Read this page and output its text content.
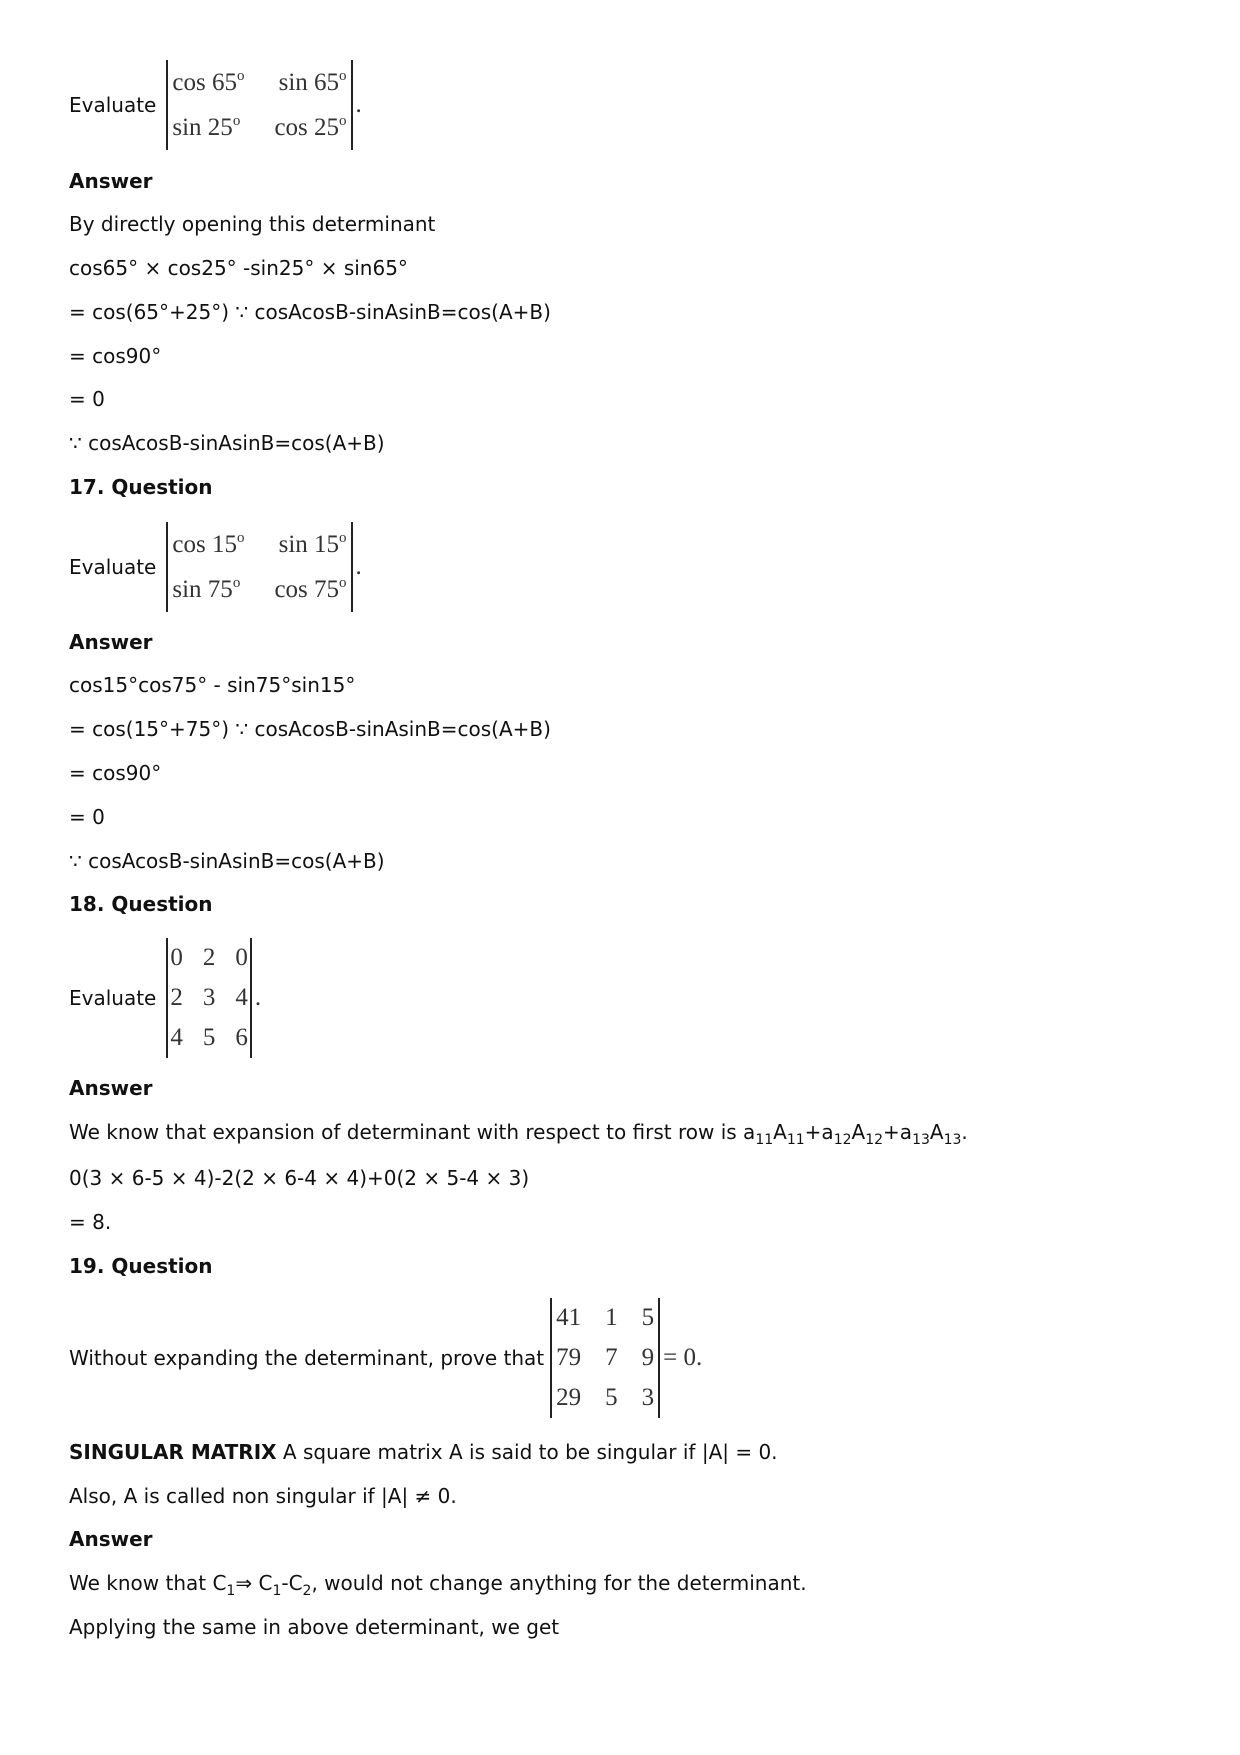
Evaluate
cos 65$^o$	sin 65$^o$
sin 25$^o$	cos 25$^o$
.
Answer
By directly opening this determinant
cos65° × cos25° -sin25° × sin65°
= cos(65°+25°) ∵ cosAcosB-sinAsinB=cos(A+B)
= cos90°
= 0
∵ cosAcosB-sinAsinB=cos(A+B)
17. Question
Evaluate
cos 15$^o$	sin 15$^o$
sin 75$^o$	cos 75$^o$
.
Answer
cos15°cos75° - sin75°sin15°
= cos(15°+75°) ∵ cosAcosB-sinAsinB=cos(A+B)
= cos90°
= 0
∵ cosAcosB-sinAsinB=cos(A+B)
18. Question
Evaluate
0	2	0
2	3	4
4	5	6
.
Answer
We know that expansion of determinant with respect to first row is $a_{11}A_{11}+a_{12}A_{12}+a_{13}A_{13}$.
0(3 × 6-5 × 4)-2(2 × 6-4 × 4)+0(2 × 5-4 × 3)
= 8.
19. Question
Without expanding the determinant, prove that
41	1	5
79	7	9
29	5	3
= 0.
SINGULAR MATRIX A square matrix A is said to be singular if |A| = 0.
Also, A is called non singular if |A| ≠ 0.
Answer
We know that $C_1\Rightarrow$ $C_1-C_2$, would not change anything for the determinant.
Applying the same in above determinant, we get
